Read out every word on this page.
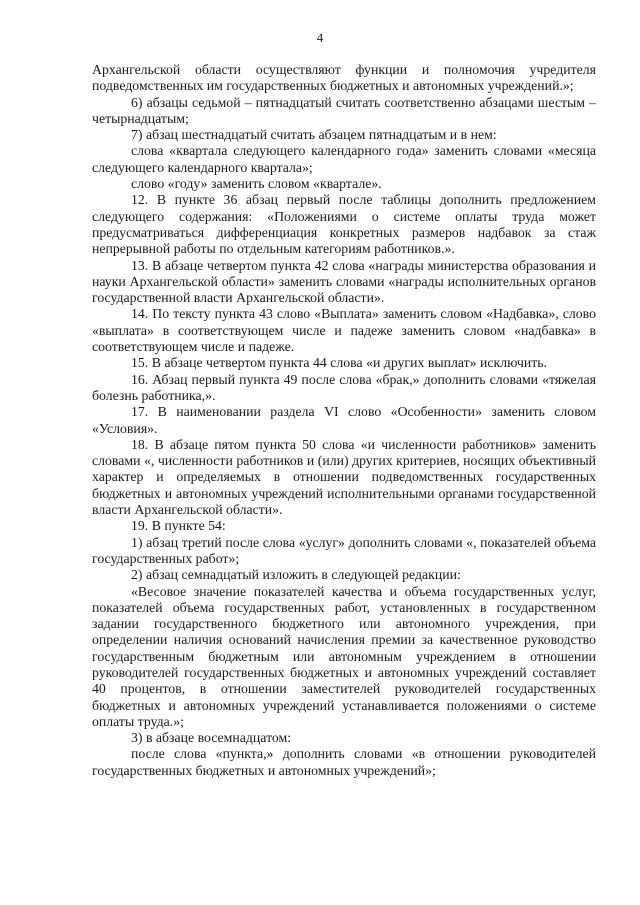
4

Архангельской области осуществляют функции и полномочия учредителя подведомственных им государственных бюджетных и автономных учреждений.»;

6) абзацы седьмой – пятнадцатый считать соответственно абзацами шестым – четырнадцатым;

7) абзац шестнадцатый считать абзацем пятнадцатым и в нем:

слова «квартала следующего календарного года» заменить словами «месяца следующего календарного квартала»;

слово «году» заменить словом «квартале».

12. В пункте 36 абзац первый после таблицы дополнить предложением следующего содержания: «Положениями о системе оплаты труда может предусматриваться дифференциация конкретных размеров надбавок за стаж непрерывной работы по отдельным категориям работников.».

13. В абзаце четвертом пункта 42 слова «награды министерства образования и науки Архангельской области» заменить словами «награды исполнительных органов государственной власти Архангельской области».

14. По тексту пункта 43 слово «Выплата» заменить словом «Надбавка», слово «выплата» в соответствующем числе и падеже заменить словом «надбавка» в соответствующем числе и падеже.

15. В абзаце четвертом пункта 44 слова «и других выплат» исключить.

16. Абзац первый пункта 49 после слова «брак,» дополнить словами «тяжелая болезнь работника,».

17. В наименовании раздела VI слово «Особенности» заменить словом «Условия».

18. В абзаце пятом пункта 50 слова «и численности работников» заменить словами «, численности работников и (или) других критериев, носящих объективный характер и определяемых в отношении подведомственных государственных бюджетных и автономных учреждений исполнительными органами государственной власти Архангельской области».

19. В пункте 54:

1) абзац третий после слова «услуг» дополнить словами «, показателей объема государственных работ»;

2) абзац семнадцатый изложить в следующей редакции:

«Весовое значение показателей качества и объема государственных услуг, показателей объема государственных работ, установленных в государственном задании государственного бюджетного или автономного учреждения, при определении наличия оснований начисления премии за качественное руководство государственным бюджетным или автономным учреждением в отношении руководителей государственных бюджетных и автономных учреждений составляет 40 процентов, в отношении заместителей руководителей государственных бюджетных и автономных учреждений устанавливается положениями о системе оплаты труда.»;

3) в абзаце восемнадцатом:

после слова «пункта,» дополнить словами «в отношении руководителей государственных бюджетных и автономных учреждений»;
